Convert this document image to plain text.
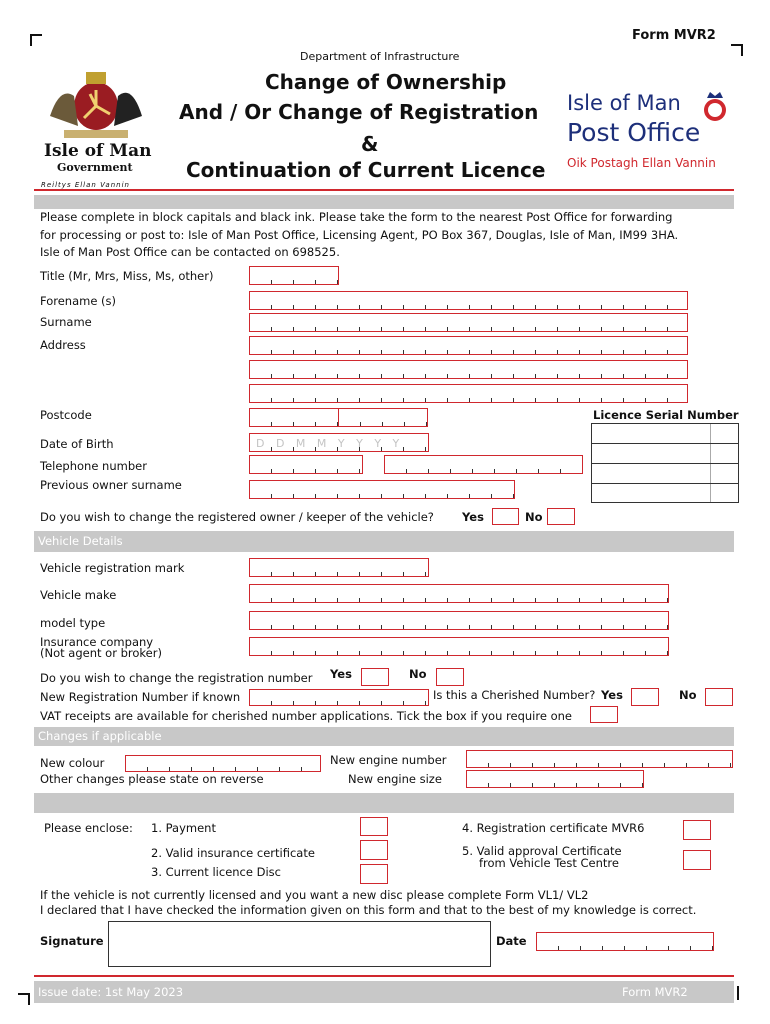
Form MVR2
Department of Infrastructure
Isle of Man
Government
Reiltys Ellan Vannin
Change of Ownership
And / Or Change of Registration
&
Continuation of Current Licence
Isle of Man
Post Office
Oik Postagh Ellan Vannin
Please complete in block capitals and black ink. Please take the form to the nearest Post Office for forwarding
for processing or post to: Isle of Man Post Office, Licensing Agent, PO Box 367, Douglas, Isle of Man, IM99 3HA.
Isle of Man Post Office can be contacted on 698525.
Title (Mr, Mrs, Miss, Ms, other)
Forename (s)
Surname
Address
Postcode	Licence Serial Number
Date of Birth	D D M M Y Y Y Y
Telephone number
Previous owner surname
Do you wish to change the registered owner / keeper of the vehicle? Yes	No
Vehicle Details
Vehicle registration mark
Vehicle make
model type
Insurance company
(Not agent or broker)
Do you wish to change the registration number Yes	No
New Registration Number if known	Is this a Cherished Number? Yes	No
VAT receipts are available for cherished number applications. Tick the box if you require one
Changes if applicable
New colour
Other changes please state on reverse
New engine number
New engine size
Please enclose: 1. Payment
2. Valid insurance certificate
3. Current licence Disc
4. Registration certificate MVR6
5. Valid approval Certificate
from Vehicle Test Centre
If the vehicle is not currently licensed and you want a new disc please complete Form VL1/ VL2
I declared that I have checked the information given on this form and that to the best of my knowledge is correct.
Signature	Date
Issue date: 1st May 2023	Form MVR2
